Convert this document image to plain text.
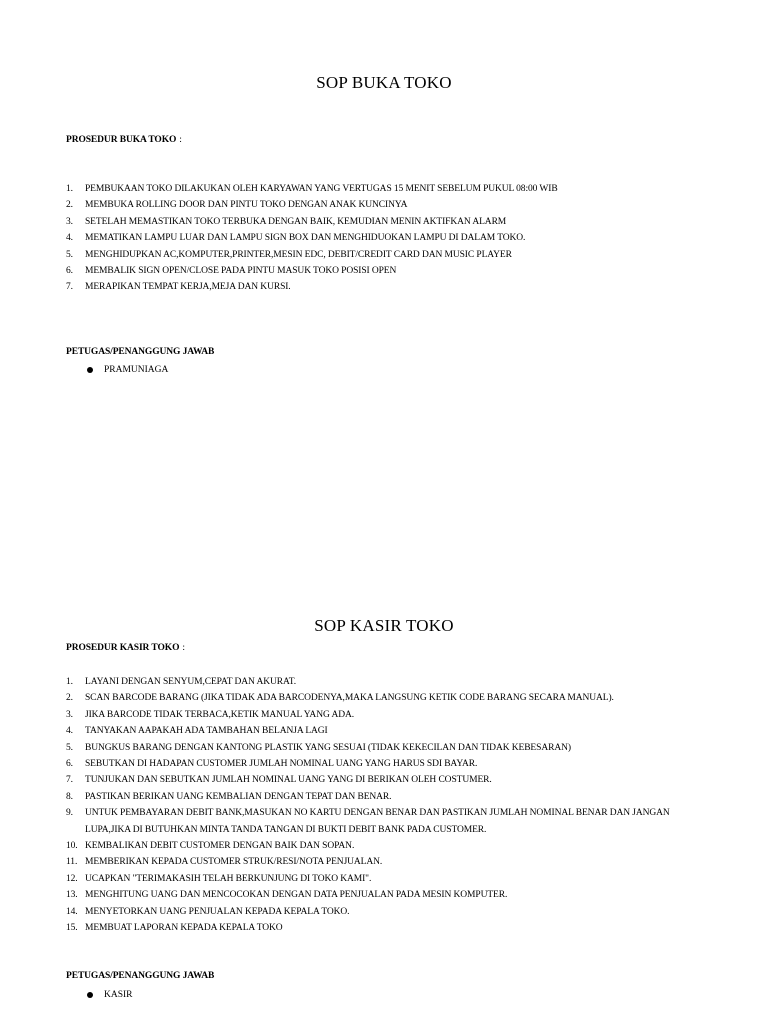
SOP BUKA TOKO
PROSEDUR BUKA TOKO :
1. PEMBUKAAN TOKO DILAKUKAN OLEH KARYAWAN YANG VERTUGAS 15 MENIT SEBELUM PUKUL 08:00 WIB
2. MEMBUKA ROLLING DOOR DAN PINTU TOKO DENGAN ANAK KUNCINYA
3. SETELAH MEMASTIKAN TOKO TERBUKA DENGAN BAIK, KEMUDIAN MENIN AKTIFKAN ALARM
4. MEMATIKAN LAMPU LUAR DAN LAMPU SIGN BOX DAN MENGHIDUOKAN LAMPU DI DALAM TOKO.
5. MENGHIDUPKAN AC,KOMPUTER,PRINTER,MESIN EDC, DEBIT/CREDIT CARD DAN MUSIC PLAYER
6. MEMBALIK SIGN OPEN/CLOSE PADA PINTU MASUK TOKO POSISI OPEN
7. MERAPIKAN TEMPAT KERJA,MEJA DAN KURSI.
PETUGAS/PENANGGUNG JAWAB
PRAMUNIAGA
SOP KASIR TOKO
PROSEDUR KASIR TOKO :
1. LAYANI DENGAN SENYUM,CEPAT DAN AKURAT.
2. SCAN BARCODE BARANG (JIKA TIDAK ADA BARCODENYA,MAKA LANGSUNG KETIK CODE BARANG SECARA MANUAL).
3. JIKA BARCODE TIDAK TERBACA,KETIK MANUAL YANG ADA.
4. TANYAKAN AAPAKAH ADA TAMBAHAN BELANJA LAGI
5. BUNGKUS BARANG DENGAN KANTONG PLASTIK YANG SESUAI (TIDAK KEKECILAN DAN TIDAK KEBESARAN)
6. SEBUTKAN DI HADAPAN CUSTOMER JUMLAH NOMINAL UANG YANG HARUS SDI BAYAR.
7. TUNJUKAN DAN SEBUTKAN JUMLAH NOMINAL UANG YANG DI BERIKAN OLEH COSTUMER.
8. PASTIKAN BERIKAN UANG KEMBALIAN DENGAN TEPAT DAN BENAR.
9. UNTUK PEMBAYARAN DEBIT BANK,MASUKAN NO KARTU DENGAN BENAR DAN PASTIKAN JUMLAH NOMINAL BENAR DAN JANGAN LUPA,JIKA DI BUTUHKAN MINTA TANDA TANGAN DI BUKTI DEBIT BANK PADA CUSTOMER.
10. KEMBALIKAN DEBIT CUSTOMER DENGAN BAIK DAN SOPAN.
11. MEMBERIKAN KEPADA CUSTOMER STRUK/RESI/NOTA PENJUALAN.
12. UCAPKAN "TERIMAKASIH TELAH BERKUNJUNG DI TOKO KAMI".
13. MENGHITUNG UANG DAN MENCOCOKAN DENGAN DATA PENJUALAN PADA MESIN KOMPUTER.
14. MENYETORKAN UANG PENJUALAN KEPADA KEPALA TOKO.
15. MEMBUAT LAPORAN KEPADA KEPALA TOKO
PETUGAS/PENANGGUNG JAWAB
KASIR
